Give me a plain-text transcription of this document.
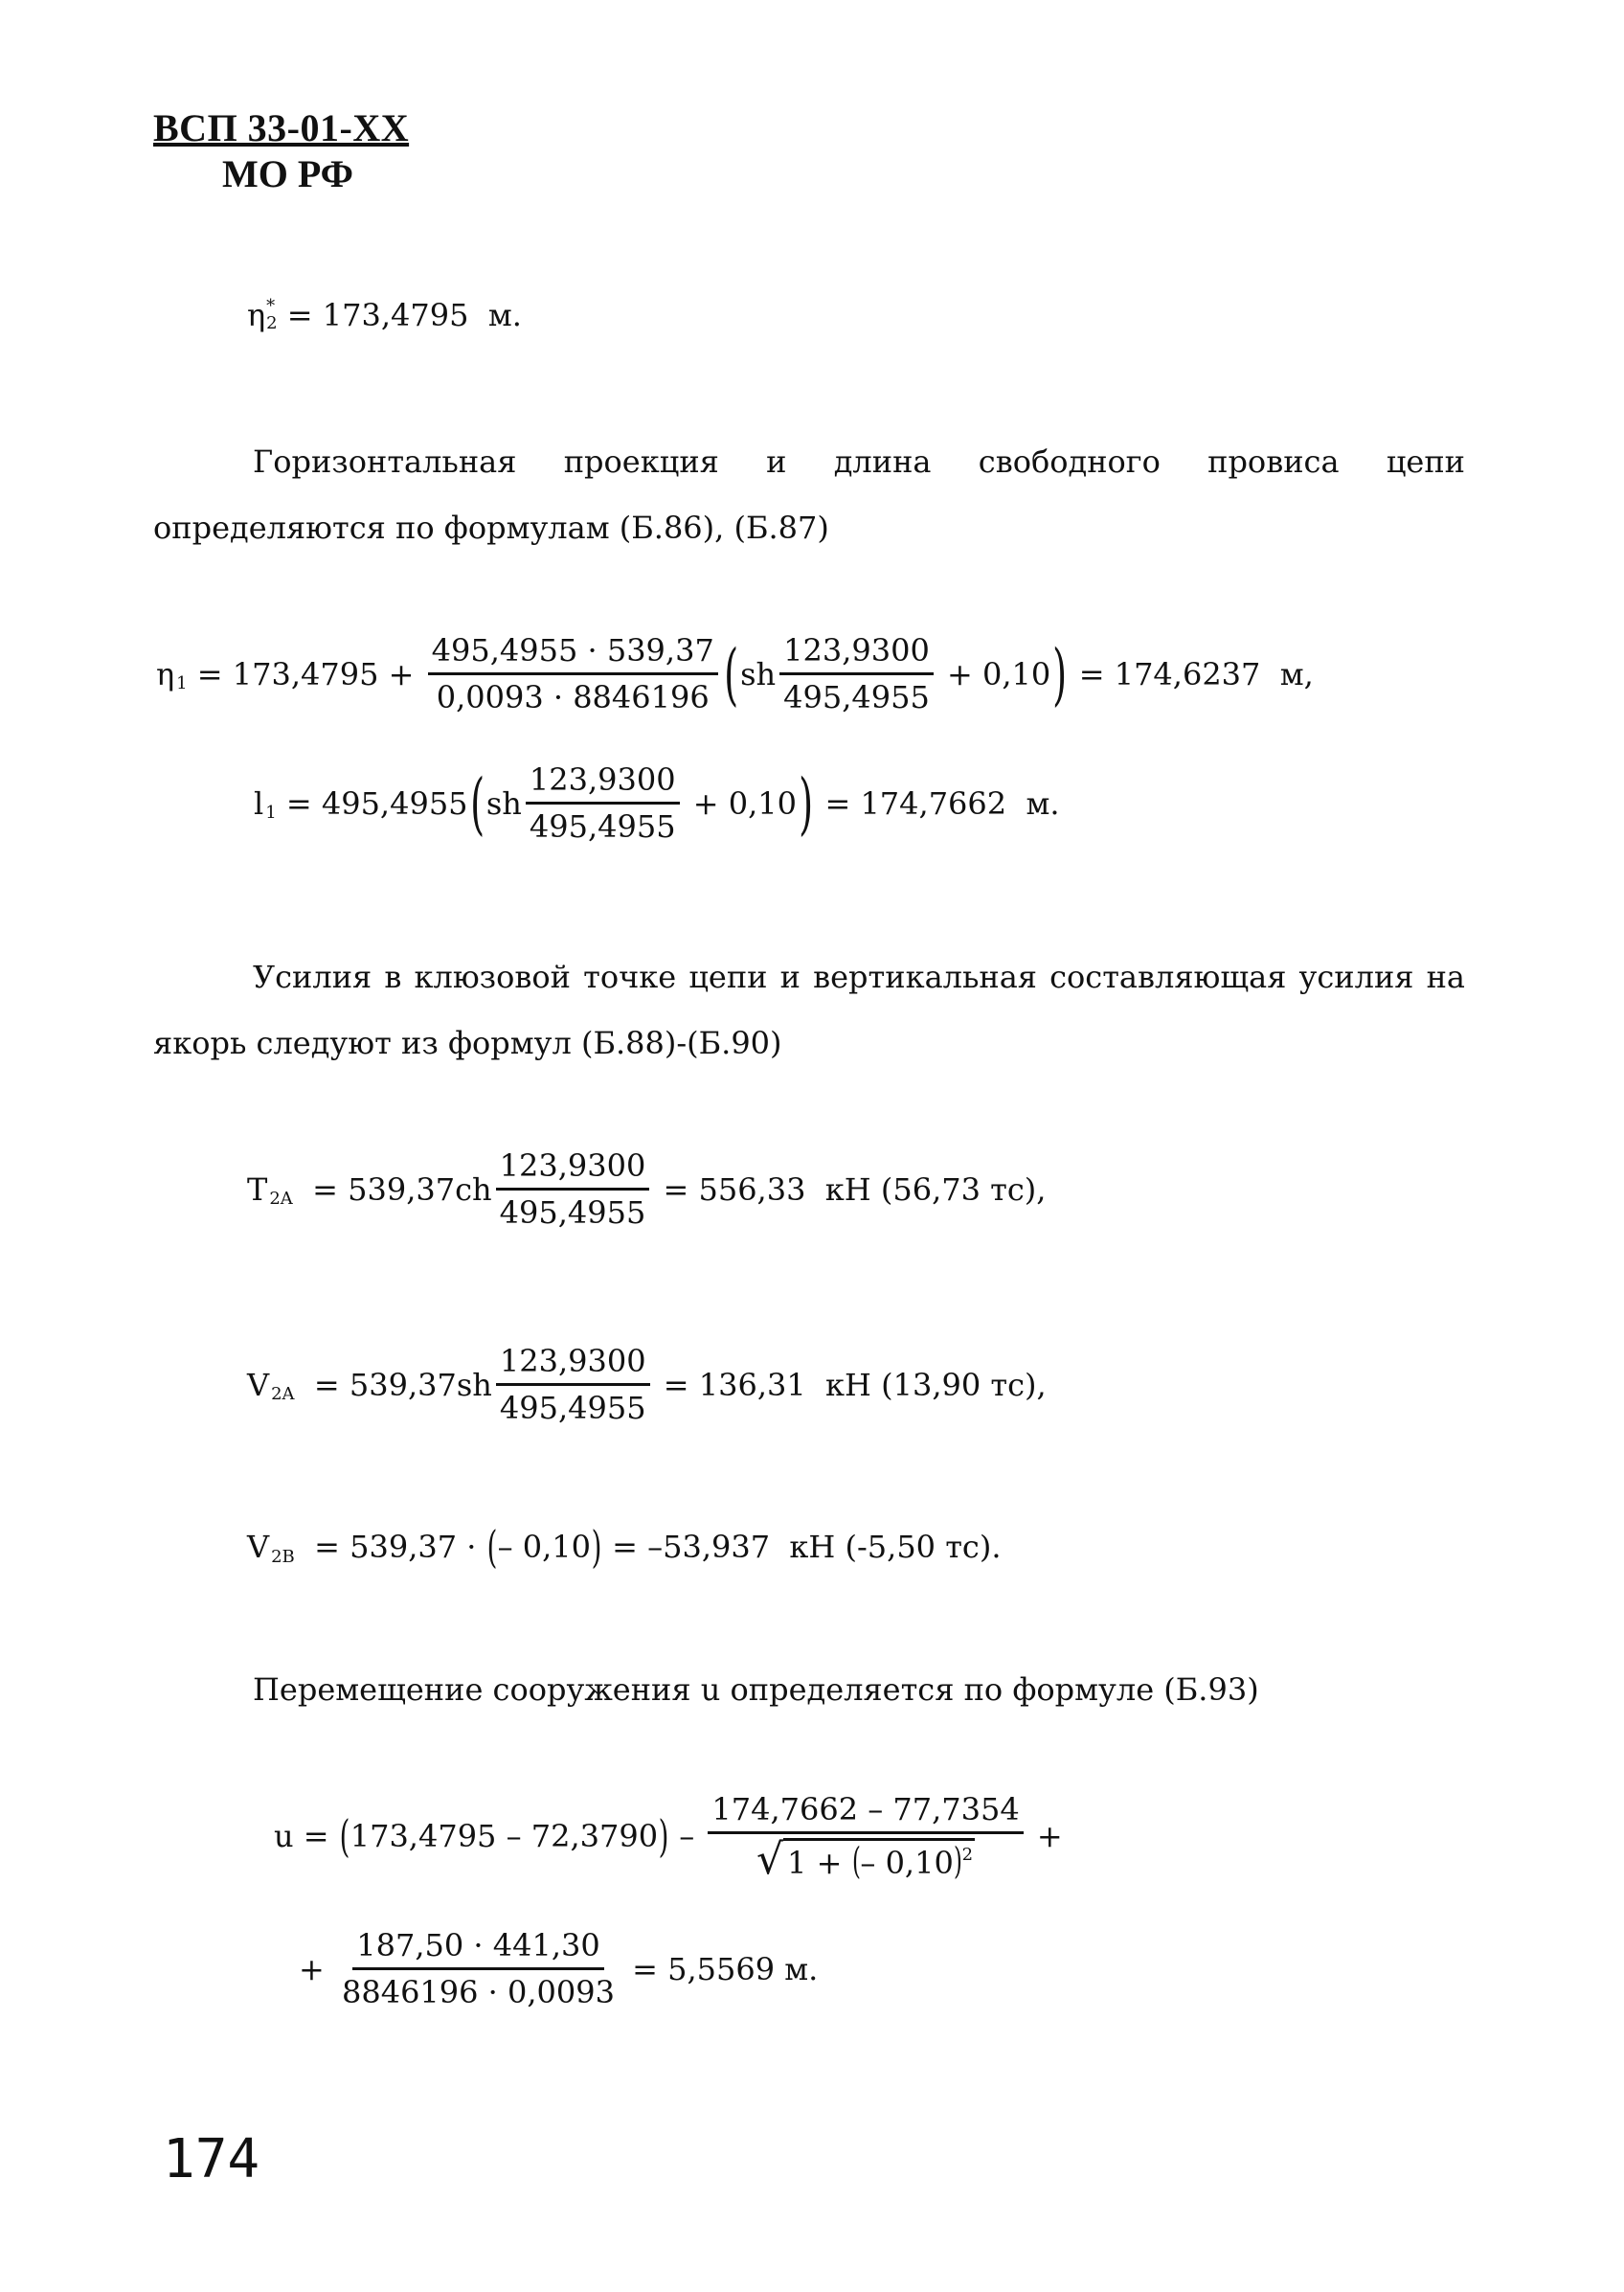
ВСП 33-01-ХХ
МО РФ
η *
2 = 173,4795  м.
Горизонтальная проекция и длина свободного провиса цепи определяются по формулам (Б.86), (Б.87)
η $1 = 173,4795 + \frac{495,4955 \cdot 539,37}{0,0093 \cdot 8846196}$ ( sh $\frac{123,9300}{495,4955} + 0,10$ ) = 174,6237  м,
l 1 = 495,4955 ( sh $\frac{123,9300}{495,4955} + 0,10$ ) = 174,7662  м.
Усилия в клюзовой точке цепи и вертикальная составляющая усилия на якорь следуют из формул (Б.88)-(Б.90)
T $2A = 539,37ch \frac{123,9300}{495,4955} = 556,33$  кН (56,73 тс),
V $2A = 539,37sh \frac{123,9300}{495,4955} = 136,31$  кН (13,90 тс),
V 2B = 539,37 · ( – 0,10 ) = –53,937  кН (-5,50 тс).
Перемещение сооружения u определяется по формуле (Б.93)
u = ( 173,4795 – 72,3790 ) – $\frac{174,7662 - 77,7354}{√ 1 + (- 0,10)^2}$ +
+ $\frac{187,50 \cdot 441,30}{8846196 \cdot 0,0093} = 5,5569$ м.
174
